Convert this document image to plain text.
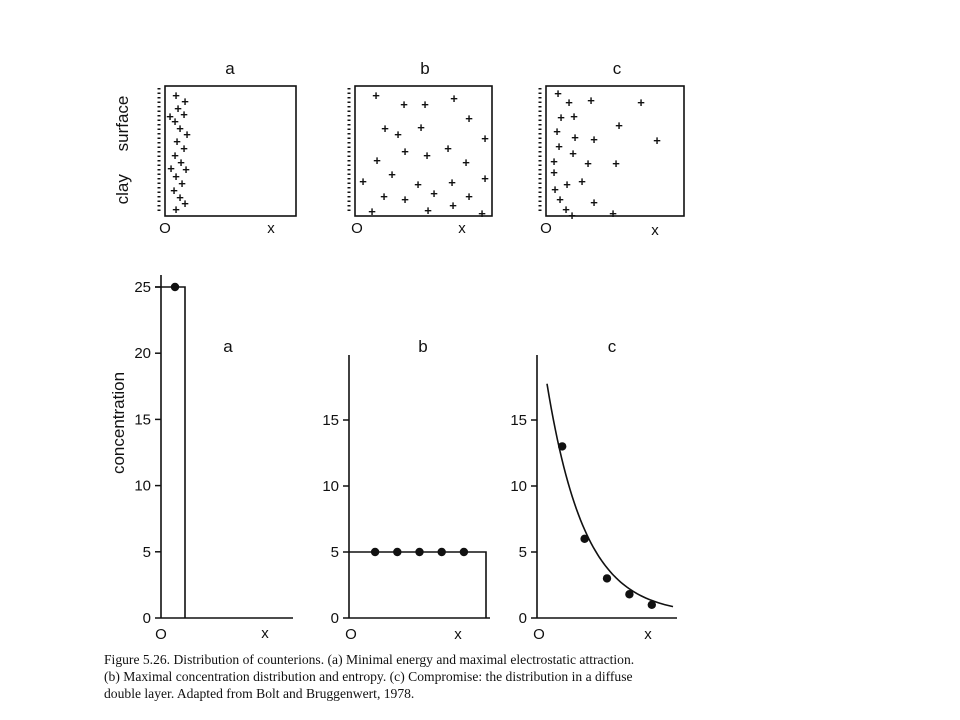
a
+ +
+
+
+
+ +
+ +
+
+
+
+
+
+
+
+
+
+
+
O	x
b
+
+ + +
+ + +
+
+
+ + +
+	+
+
+	+
+	+
+ + + +
+
+	+	+
O	x
c
+
+ +	+
+ +
+
+
+ + +
+ +
+ + +
+
+
+
+ +
+
+	+
+
O	x
clay surface
a
0
5
10
15
20
25
O	x
concentration
b
0
5
10
15
O	x
c
0
5
10
15
O	x

Figure 5.26. Distribution of counterions. (a) Minimal energy and maximal electrostatic attraction.
(b) Maximal concentration distribution and entropy. (c) Compromise: the distribution in a diffuse
double layer. Adapted from Bolt and Bruggenwert, 1978.
